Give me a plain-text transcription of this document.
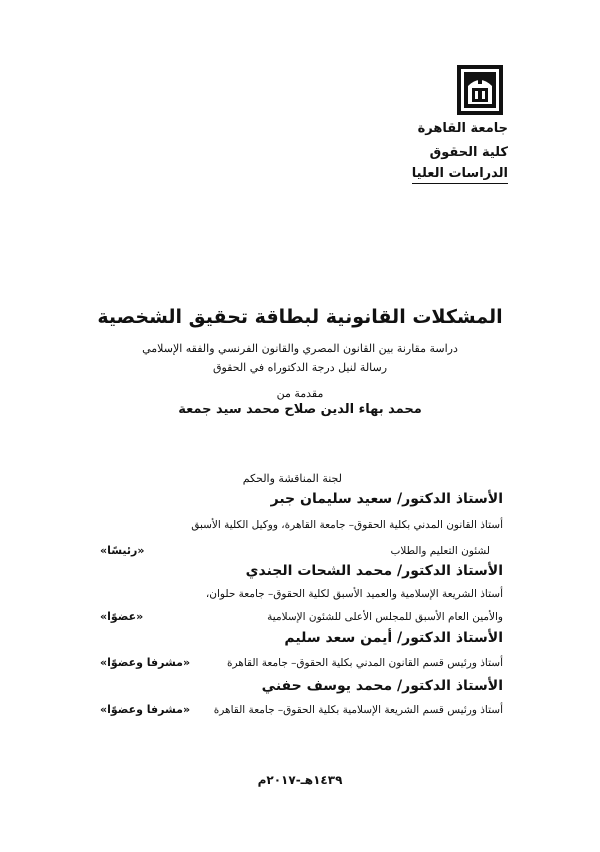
جامعة القاهرة
كلية الحقوق
الدراسات العليا
المشكلات القانونية لبطاقة تحقيق الشخصية
دراسة مقارنة بين القانون المصري والقانون الفرنسي والفقه الإسلامي
رسالة لنيل درجة الدكتوراه في الحقوق
مقدمة من
محمد بهاء الدين صلاح محمد سيد جمعة
لجنة المناقشة والحكم
الأستاذ الدكتور/ سعيد سليمان جبر
أستاذ القانون المدني بكلية الحقوق– جامعة القاهرة، ووكيل الكلية الأسبق
لشئون التعليم والطلاب
«رئيسًا»
الأستاذ الدكتور/ محمد الشحات الجندي
أستاذ الشريعة الإسلامية والعميد الأسبق لكلية الحقوق– جامعة حلوان،
والأمين العام الأسبق للمجلس الأعلى للشئون الإسلامية
«عضوًا»
الأستاذ الدكتور/ أيمن سعد سليم
أستاذ ورئيس قسم القانون المدني بكلية الحقوق– جامعة القاهرة
«مشرفا وعضوًا»
الأستاذ الدكتور/ محمد يوسف حفني
أستاذ ورئيس قسم الشريعة الإسلامية بكلية الحقوق– جامعة القاهرة
«مشرفا وعضوًا»
١٤٣٩هـ-٢٠١٧م
